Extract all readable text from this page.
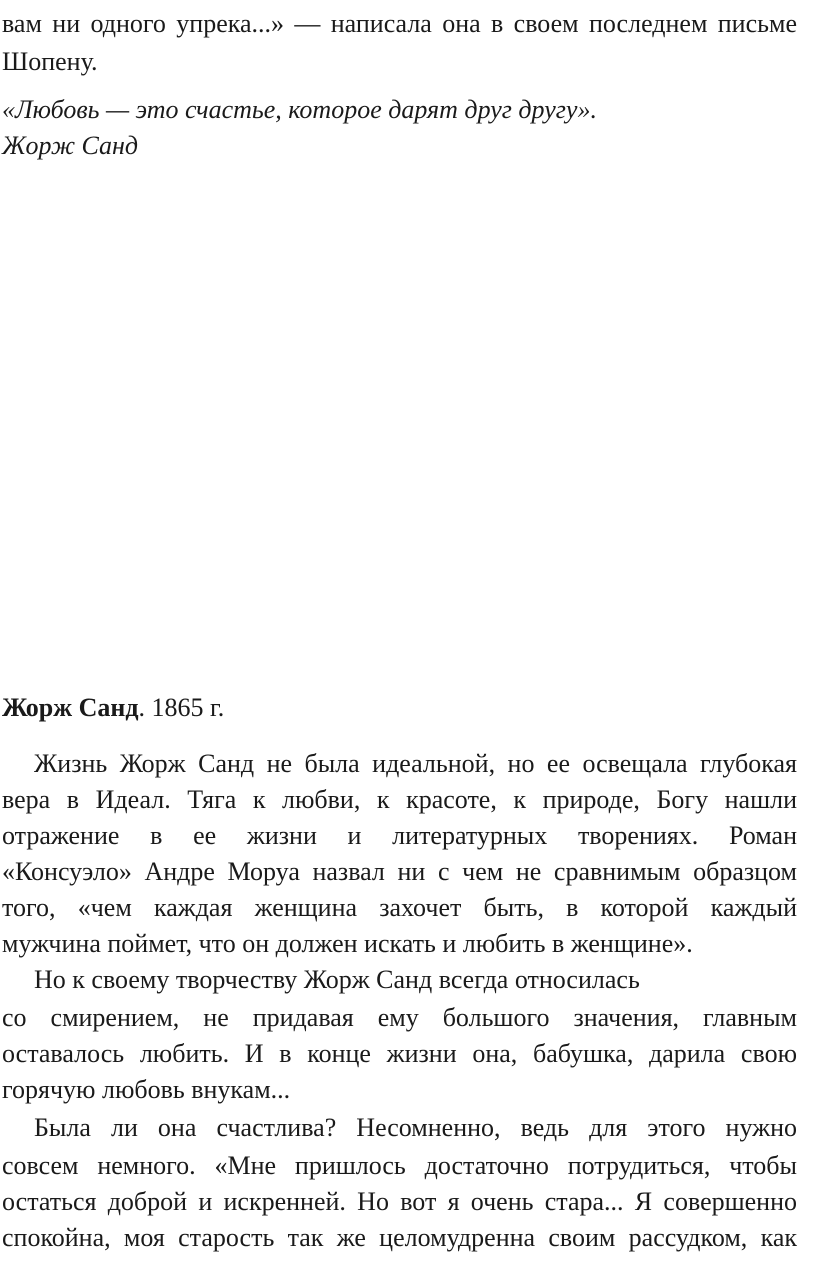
вам ни одного упрека...» — написала она в своем последнем письме
Шопену.
«Любовь — это счастье, которое дарят друг другу».
Жорж Санд
Жорж Санд. 1865 г.
Жизнь Жорж Санд не была идеальной, но ее освещала глубокая
вера в Идеал. Тяга к любви, к красоте, к природе, Богу нашли
отражение в ее жизни и литературных творениях. Роман
«Консуэло» Андре Моруа назвал ни с чем не сравнимым образцом
того, «чем каждая женщина захочет быть, в которой каждый
мужчина поймет, что он должен искать и любить в женщине».
Но к своему творчеству Жорж Санд всегда относилась
со смирением, не придавая ему большого значения, главным
оставалось любить. И в конце жизни она, бабушка, дарила свою
горячую любовь внукам...
Была ли она счастлива? Несомненно, ведь для этого нужно
совсем немного. «Мне пришлось достаточно потрудиться, чтобы
остаться доброй и искренней. Но вот я очень стара... Я совершенно
спокойна, моя старость так же целомудренна своим рассудком, как
